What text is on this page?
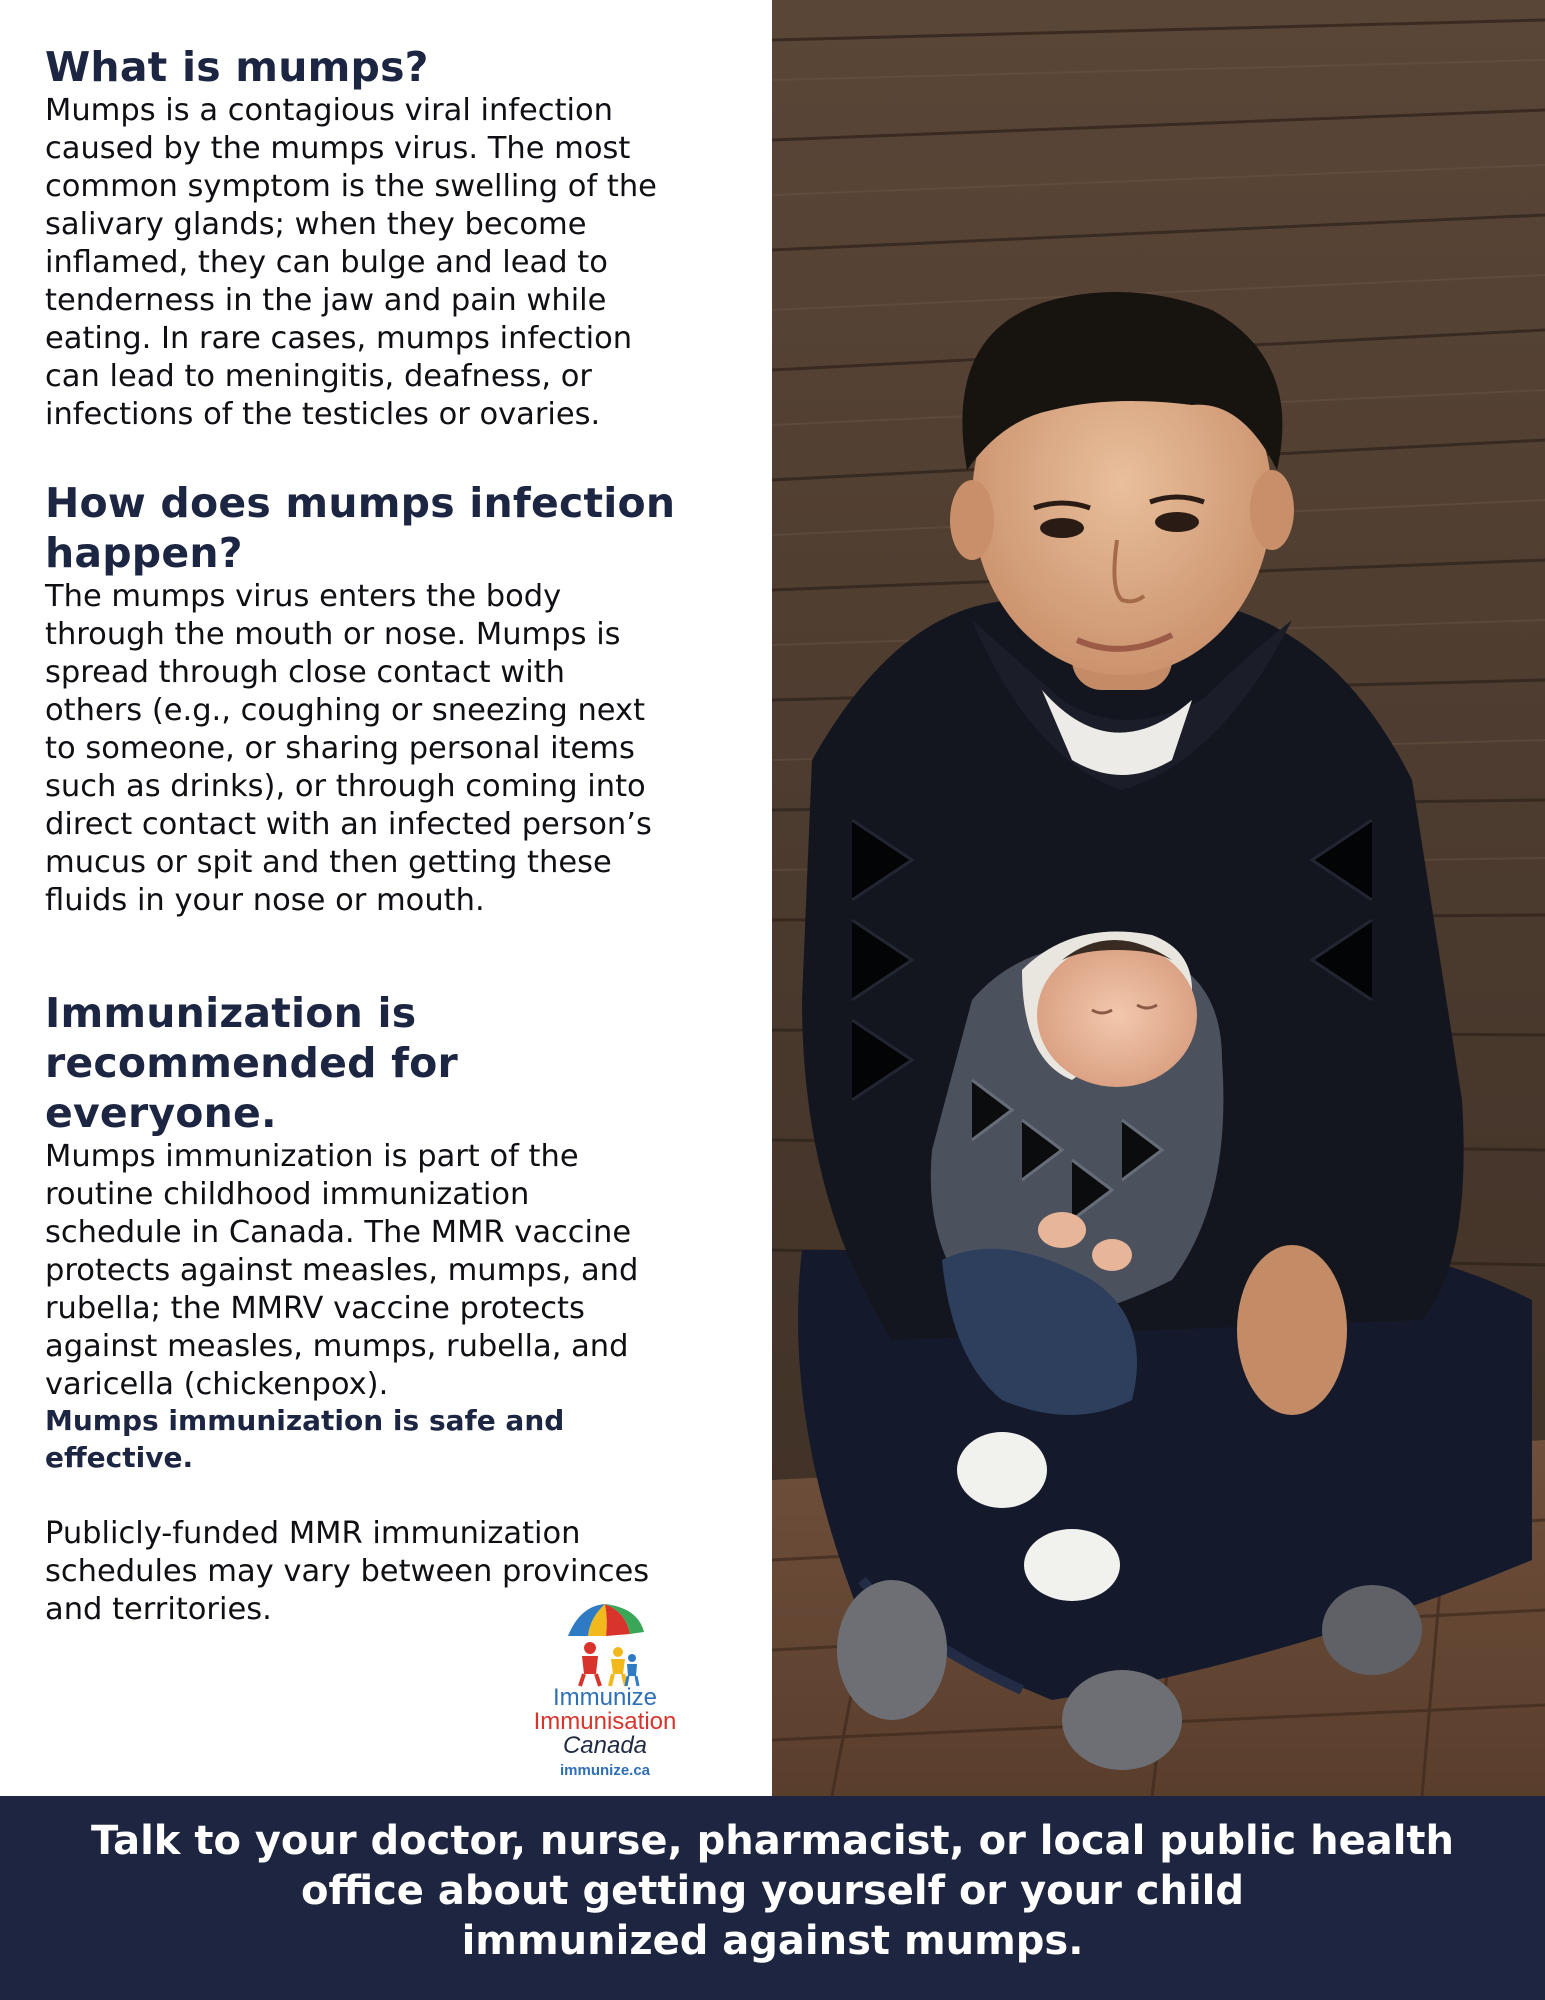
What is mumps?

Mumps is a contagious viral infection
caused by the mumps virus. The most
common symptom is the swelling of the
salivary glands; when they become
inflamed, they can bulge and lead to
tenderness in the jaw and pain while
eating. In rare cases, mumps infection
can lead to meningitis, deafness, or
infections of the testicles or ovaries.

How does mumps infection happen?

The mumps virus enters the body
through the mouth or nose. Mumps is
spread through close contact with
others (e.g., coughing or sneezing next
to someone, or sharing personal items
such as drinks), or through coming into
direct contact with an infected person’s
mucus or spit and then getting these
fluids in your nose or mouth.

Immunization is recommended for everyone.

Mumps immunization is part of the
routine childhood immunization
schedule in Canada. The MMR vaccine
protects against measles, mumps, and
rubella; the MMRV vaccine protects
against measles, mumps, rubella, and
varicella (chickenpox).

Mumps immunization is safe and
effective.
Publicly-funded MMR immunization
schedules may vary between provinces
and territories.
Immunize
Immunisation
Canada
immunize.ca
Talk to your doctor, nurse, pharmacist, or local public health
office about getting yourself or your child
immunized against mumps.
